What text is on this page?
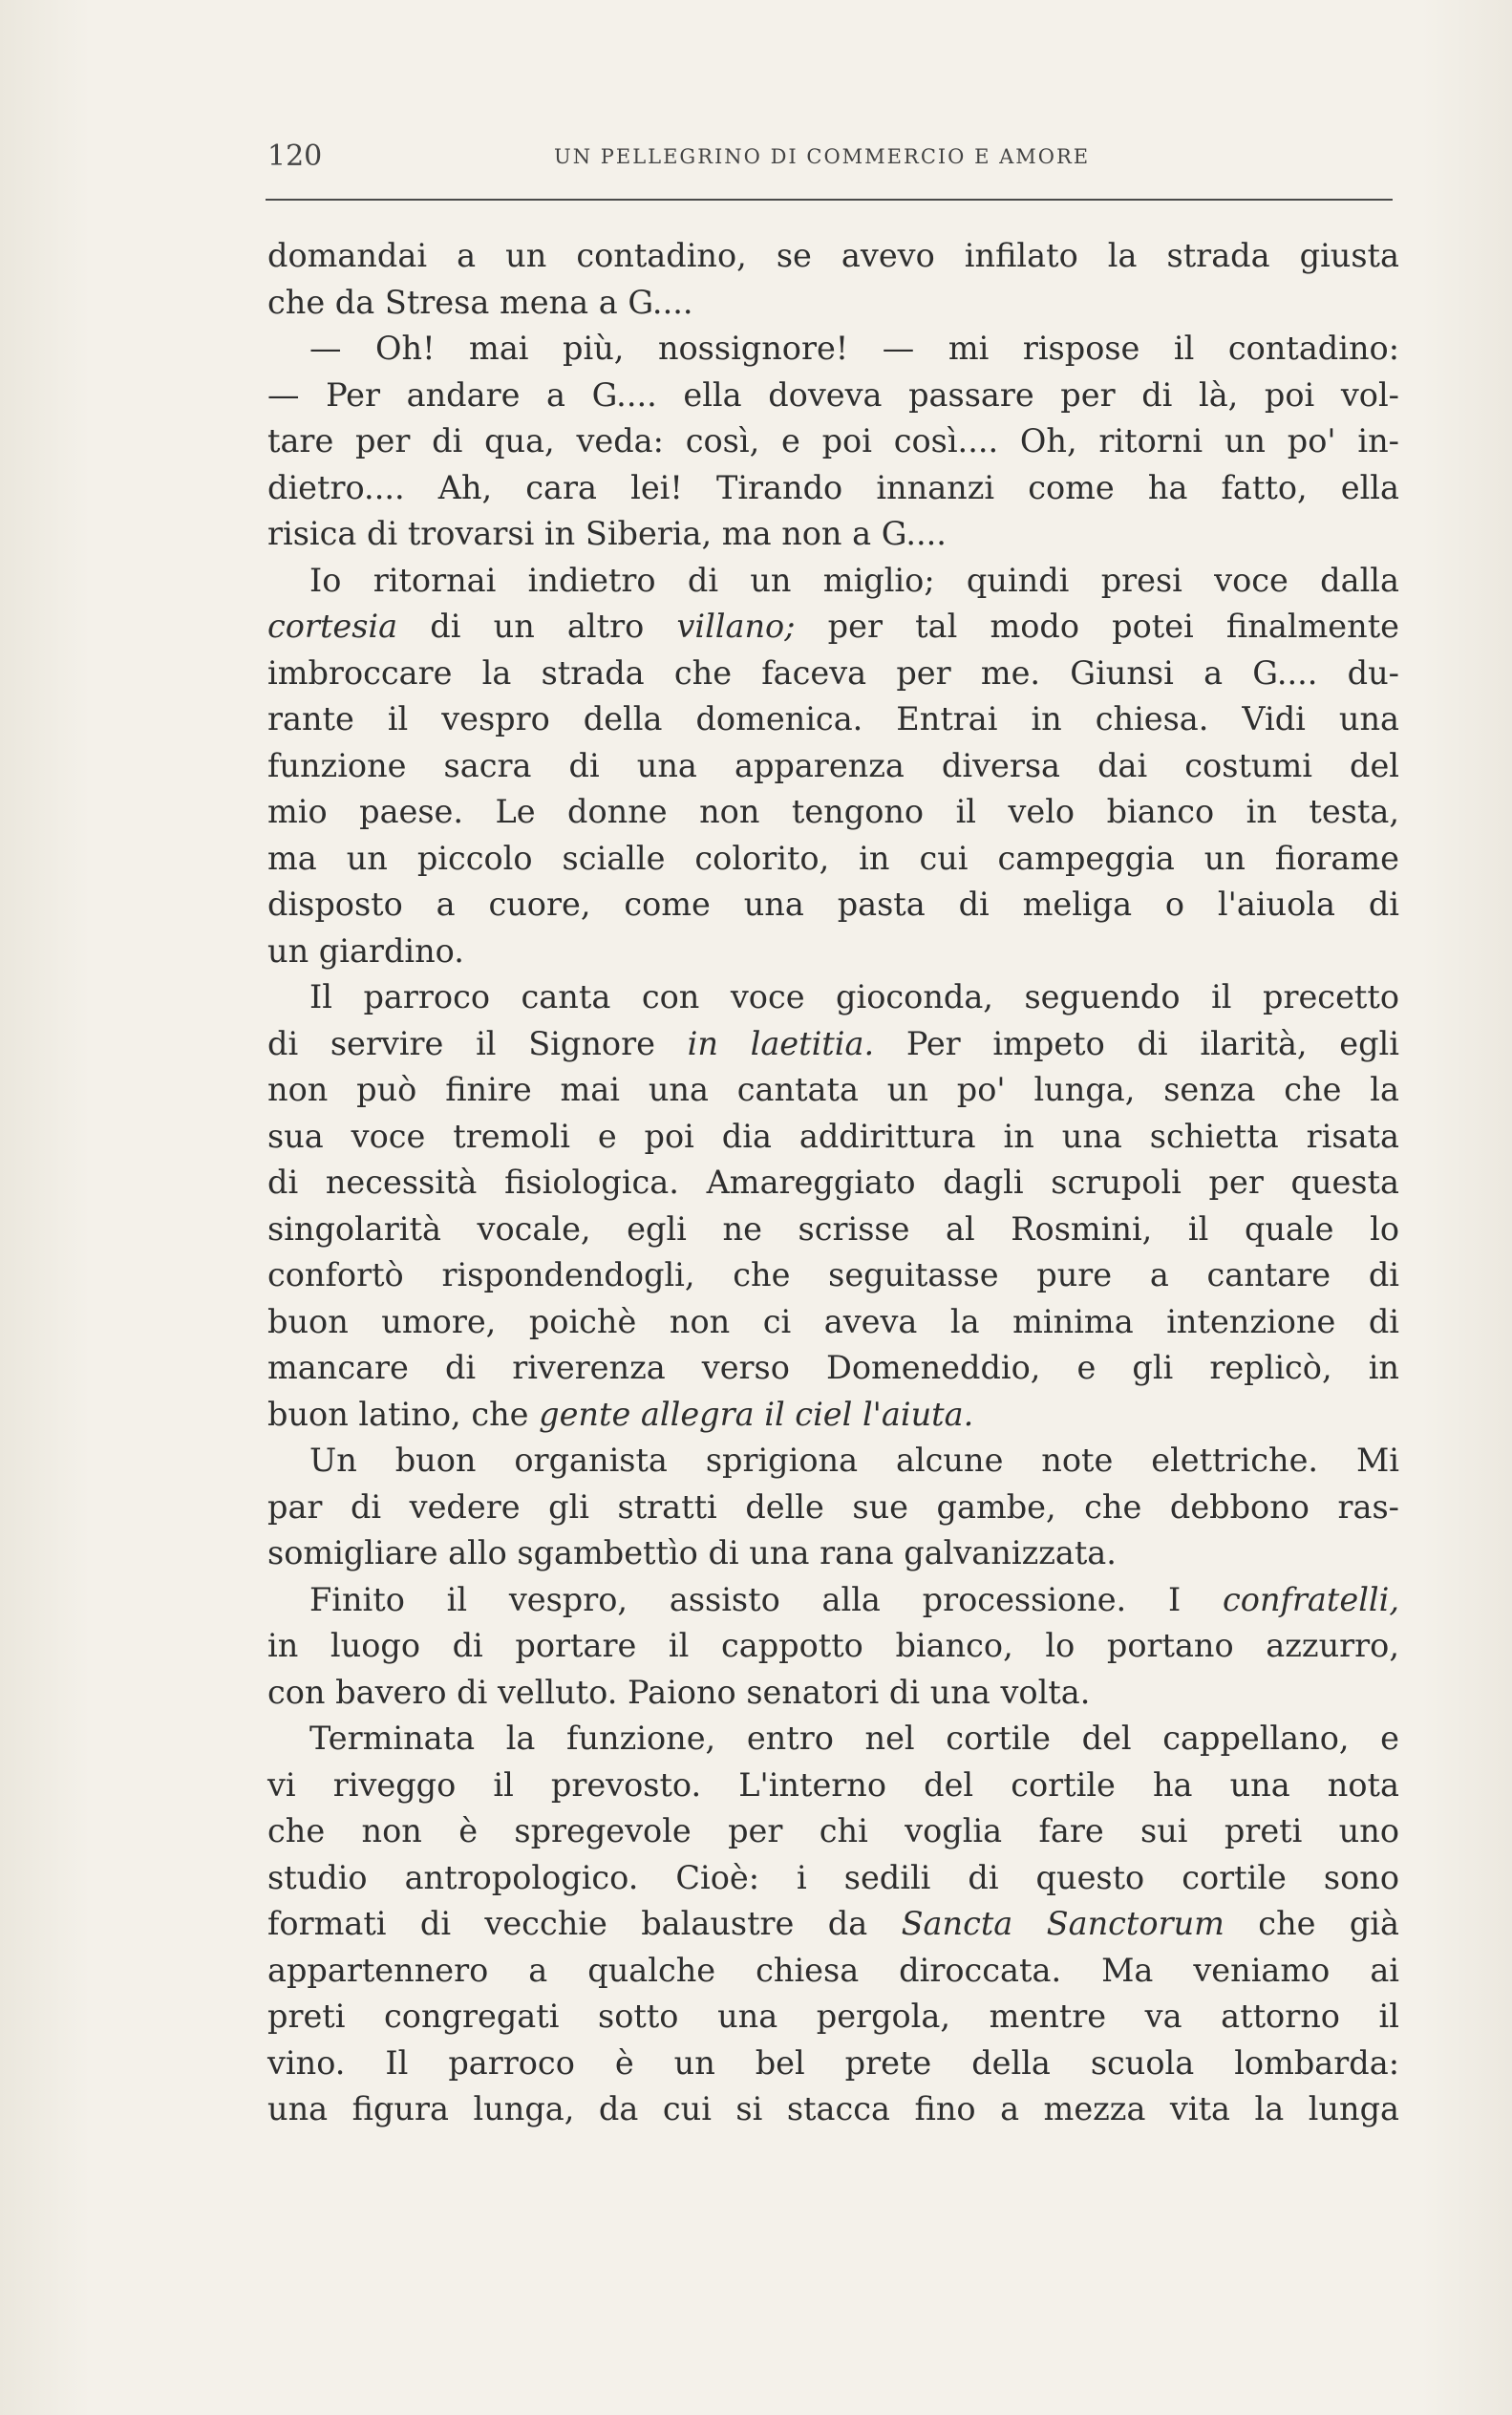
120	UN PELLEGRINO DI COMMERCIO E AMORE
domandai a un contadino, se avevo infilato la strada giusta
che da Stresa mena a G....
— Oh! mai più, nossignore! — mi rispose il contadino:
— Per andare a G.... ella doveva passare per di là, poi vol-
tare per di qua, veda: così, e poi così.... Oh, ritorni un po' in-
dietro.... Ah, cara lei! Tirando innanzi come ha fatto, ella
risica di trovarsi in Siberia, ma non a G....
Io ritornai indietro di un miglio; quindi presi voce dalla
cortesia di un altro villano; per tal modo potei finalmente
imbroccare la strada che faceva per me. Giunsi a G.... du-
rante il vespro della domenica. Entrai in chiesa. Vidi una
funzione sacra di una apparenza diversa dai costumi del
mio paese. Le donne non tengono il velo bianco in testa,
ma un piccolo scialle colorito, in cui campeggia un fiorame
disposto a cuore, come una pasta di meliga o l'aiuola di
un giardino.
Il parroco canta con voce gioconda, seguendo il precetto
di servire il Signore in laetitia. Per impeto di ilarità, egli
non può finire mai una cantata un po' lunga, senza che la
sua voce tremoli e poi dia addirittura in una schietta risata
di necessità fisiologica. Amareggiato dagli scrupoli per questa
singolarità vocale, egli ne scrisse al Rosmini, il quale lo
confortò rispondendogli, che seguitasse pure a cantare di
buon umore, poichè non ci aveva la minima intenzione di
mancare di riverenza verso Domeneddio, e gli replicò, in
buon latino, che gente allegra il ciel l'aiuta.
Un buon organista sprigiona alcune note elettriche. Mi
par di vedere gli stratti delle sue gambe, che debbono ras-
somigliare allo sgambettìo di una rana galvanizzata.
Finito il vespro, assisto alla processione. I confratelli,
in luogo di portare il cappotto bianco, lo portano azzurro,
con bavero di velluto. Paiono senatori di una volta.
Terminata la funzione, entro nel cortile del cappellano, e
vi riveggo il prevosto. L'interno del cortile ha una nota
che non è spregevole per chi voglia fare sui preti uno
studio antropologico. Cioè: i sedili di questo cortile sono
formati di vecchie balaustre da Sancta Sanctorum che già
appartennero a qualche chiesa diroccata. Ma veniamo ai
preti congregati sotto una pergola, mentre va attorno il
vino. Il parroco è un bel prete della scuola lombarda:
una figura lunga, da cui si stacca fino a mezza vita la lunga
